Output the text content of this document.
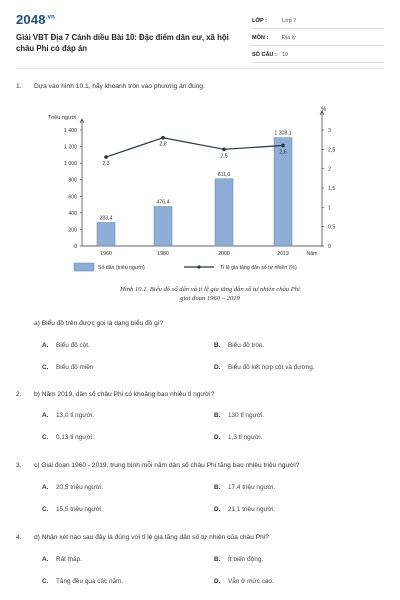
$2048^{.vn}$
Giải VBT Địa 7 Cánh diều Bài 10: Đặc điểm dân cư, xã hội châu Phi có đáp án
LỚP :	Lớp 7
MÔN :	Địa lý
SỐ CÂU : 10
1. Dựa vào hình 10.1, hãy khoanh tròn vào phương án đúng.
Triệu người
%
0
200
400
600
800
1 000
1 200
1 400
0
0,5
1
1,5
2
2,5
3
283,4
1960
476,4
1980
811,0
2000
1 308,1
2019	Năm
2,3
2,8
2,5
2,6
Số dân (triệu người)	Tỉ lệ gia tăng dân số tự nhiên (%)
Hình 10.1. Biểu đồ số dân và tỉ lệ gia tăng dân số tự nhiên châu Phi
giai đoạn 1960 – 2019
a) Biểu đồ trên được gọi là dạng biểu đồ gì?
A. Biểu đồ cột.	B. Biểu đồ tròn.
C. Biểu đồ miền	D. Biểu đồ kết hợp cột và đường.
2. b) Năm 2019, dân số châu Phi có khoảng bao nhiêu tỉ người?
A. 13,0 tỉ người.	B. 130 tỉ người.
C. 0,13 tỉ người.	D. 1,3 tỉ người.
3. c) Giai đoạn 1960 - 2019, trung bình mỗi năm dân số châu Phi tăng bao nhiêu triệu người?
A. 20,5 triệu người.	B. 17,4 triệu người.
C. 15,5 triệu người.	D. 21,1 triệu người.
4. d) Nhận xét nào sau đây là đúng với tỉ lệ gia tăng dân số tự nhiên của châu Phi?
A. Rất thấp.	B. Ít biến động.
C. Tăng đều qua các năm.	D. Vẫn ở mức cao.
